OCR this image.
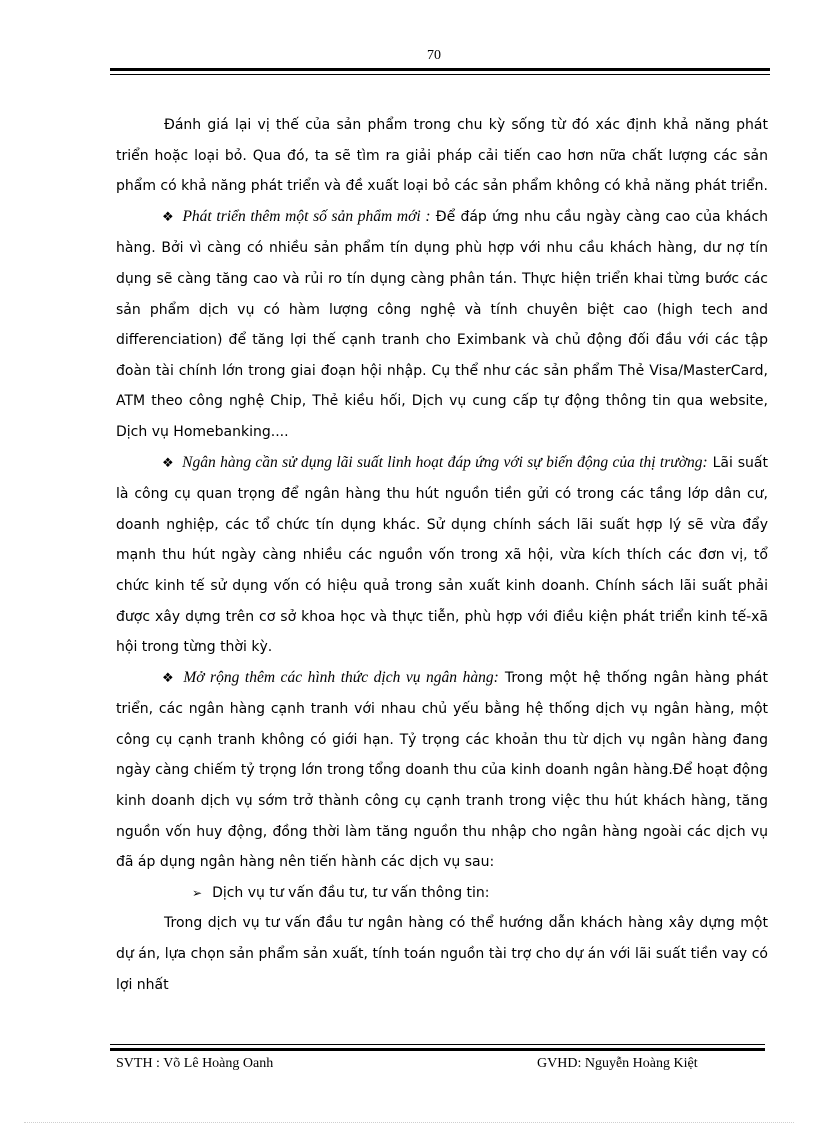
70

Đánh giá lại vị thế của sản phẩm trong chu kỳ sống từ đó xác định khả năng phát triển hoặc loại bỏ. Qua đó, ta sẽ tìm ra giải pháp cải tiến cao hơn nữa chất lượng các sản phẩm có khả năng phát triển và đề xuất loại bỏ các sản phẩm không có khả năng phát triển.

❖ Phát triển thêm một số sản phẩm mới : Để đáp ứng nhu cầu ngày càng cao của khách hàng. Bởi vì càng có nhiều sản phẩm tín dụng phù hợp với nhu cầu khách hàng, dư nợ tín dụng sẽ càng tăng cao và rủi ro tín dụng càng phân tán. Thực hiện triển khai từng bước các sản phẩm dịch vụ có hàm lượng công nghệ và tính chuyên biệt cao (high tech and differenciation) để tăng lợi thế cạnh tranh cho Eximbank và chủ động đối đầu với các tập đoàn tài chính lớn trong giai đoạn hội nhập. Cụ thể như các sản phẩm Thẻ Visa/MasterCard, ATM theo công nghệ Chip, Thẻ kiều hối, Dịch vụ cung cấp tự động thông tin qua website, Dịch vụ Homebanking....

❖ Ngân hàng cần sử dụng lãi suất linh hoạt đáp ứng với sự biến động của thị trường: Lãi suất là công cụ quan trọng để ngân hàng thu hút nguồn tiền gửi có trong các tầng lớp dân cư, doanh nghiệp, các tổ chức tín dụng khác. Sử dụng chính sách lãi suất hợp lý sẽ vừa đẩy mạnh thu hút ngày càng nhiều các nguồn vốn trong xã hội, vừa kích thích các đơn vị, tổ chức kinh tế sử dụng vốn có hiệu quả trong sản xuất kinh doanh. Chính sách lãi suất phải được xây dựng trên cơ sở khoa học và thực tiễn, phù hợp với điều kiện phát triển kinh tế-xã hội trong từng thời kỳ.

❖ Mở rộng thêm các hình thức dịch vụ ngân hàng: Trong một hệ thống ngân hàng phát triển, các ngân hàng cạnh tranh với nhau chủ yếu bằng hệ thống dịch vụ ngân hàng, một công cụ cạnh tranh không có giới hạn. Tỷ trọng các khoản thu từ dịch vụ ngân hàng đang ngày càng chiếm tỷ trọng lớn trong tổng doanh thu của kinh doanh ngân hàng.Để hoạt động kinh doanh dịch vụ sớm trở thành công cụ cạnh tranh trong việc thu hút khách hàng, tăng nguồn vốn huy động, đồng thời làm tăng nguồn thu nhập cho ngân hàng ngoài các dịch vụ đã áp dụng ngân hàng nên tiến hành các dịch vụ sau:

➢ Dịch vụ tư vấn đầu tư, tư vấn thông tin:

Trong dịch vụ tư vấn đầu tư ngân hàng có thể hướng dẫn khách hàng xây dựng một dự án, lựa chọn sản phẩm sản xuất, tính toán nguồn tài trợ cho dự án với lãi suất tiền vay có lợi nhất

SVTH : Võ Lê Hoàng Oanh	GVHD: Nguyễn Hoàng Kiệt
